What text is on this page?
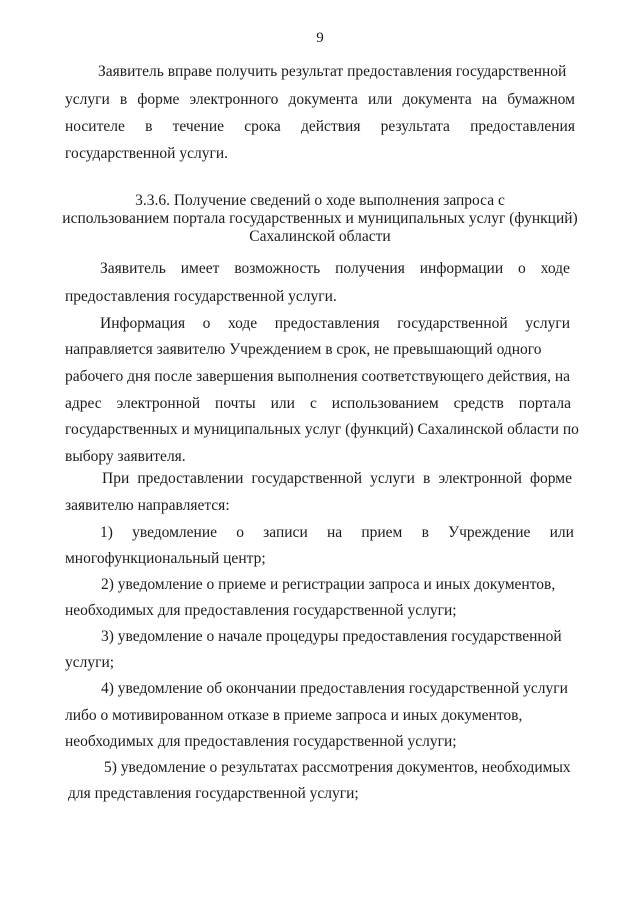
9
Заявитель вправе получить результат предоставления государственной
услуги в форме электронного документа или документа на бумажном
носителе в течение срока действия результата предоставления
государственной услуги.
3.3.6. Получение сведений о ходе выполнения запроса с
использованием портала государственных и муниципальных услуг (функций)
Сахалинской области
Заявитель имеет возможность получения информации о ходе
предоставления государственной услуги.
Информация о ходе предоставления государственной услуги
направляется заявителю Учреждением в срок, не превышающий одного
рабочего дня после завершения выполнения соответствующего действия, на
адрес электронной почты или с использованием средств портала
государственных и муниципальных услуг (функций) Сахалинской области по
выбору заявителя.
При предоставлении государственной услуги в электронной форме
заявителю направляется:
1) уведомление о записи на прием в Учреждение или
многофункциональный центр;
2) уведомление о приеме и регистрации запроса и иных документов,
необходимых для предоставления государственной услуги;
3) уведомление о начале процедуры предоставления государственной
услуги;
4) уведомление об окончании предоставления государственной услуги
либо о мотивированном отказе в приеме запроса и иных документов,
необходимых для предоставления государственной услуги;
5) уведомление о результатах рассмотрения документов, необходимых
для представления государственной услуги;
